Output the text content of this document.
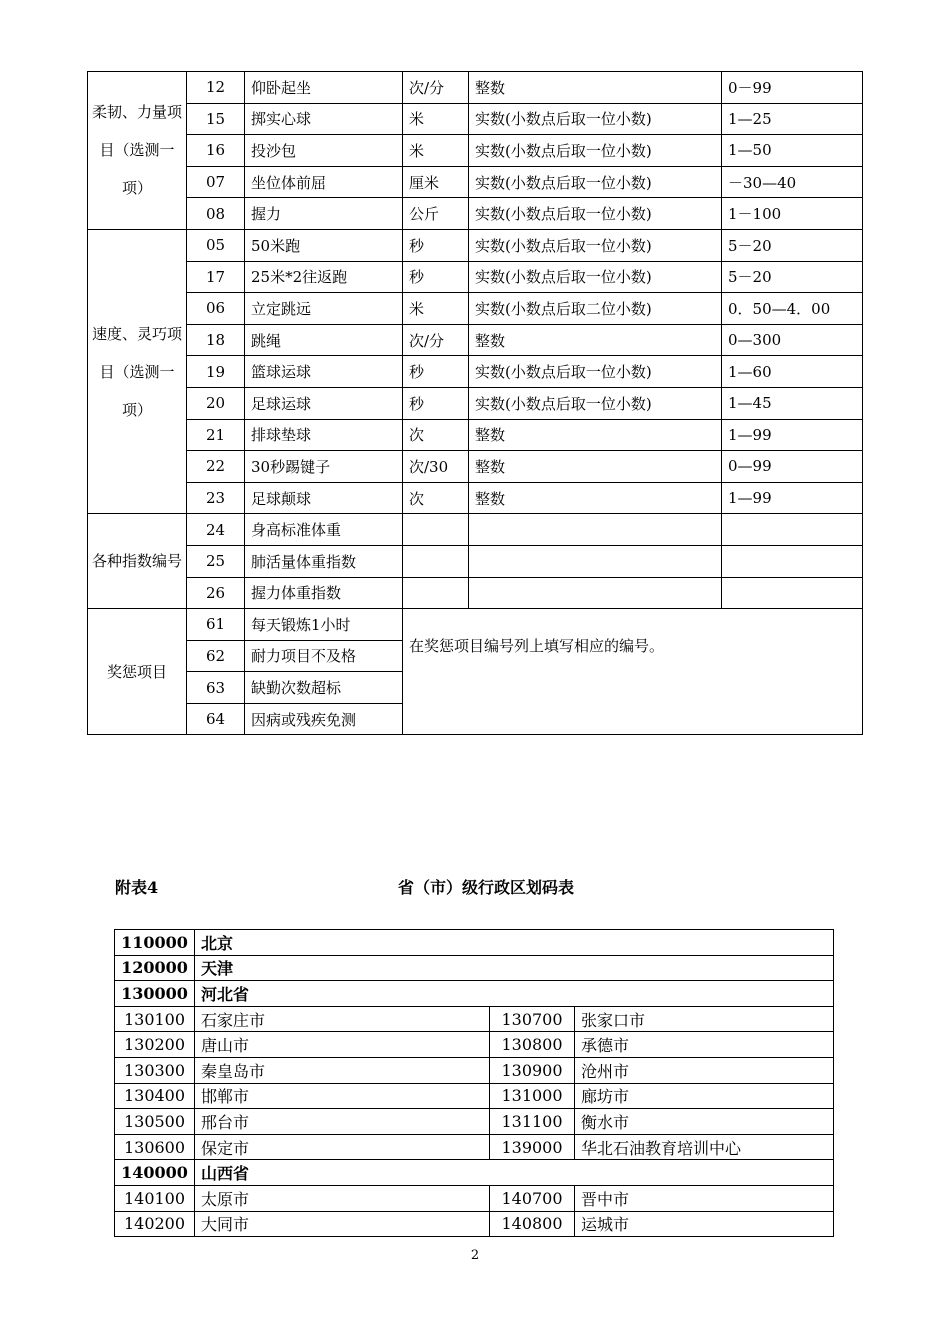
柔韧、力量项目（选测一项）	12	仰卧起坐	次/分	整数	0－99
	15	掷实心球	米	实数(小数点后取一位小数)	1—25
	16	投沙包	米	实数(小数点后取一位小数)	1—50
	07	坐位体前屈	厘米	实数(小数点后取一位小数)	－30—40
	08	握力	公斤	实数(小数点后取一位小数)	1－100
速度、灵巧项目（选测一项）	05	50米跑	秒	实数(小数点后取一位小数)	5－20
	17	25米*2往返跑	秒	实数(小数点后取一位小数)	5－20
	06	立定跳远	米	实数(小数点后取二位小数)	0．50—4．00
	18	跳绳	次/分	整数	0—300
	19	篮球运球	秒	实数(小数点后取一位小数)	1—60
	20	足球运球	秒	实数(小数点后取一位小数)	1—45
	21	排球垫球	次	整数	1—99
	22	30秒踢键子	次/30	整数	0—99
	23	足球颠球	次	整数	1—99
各种指数编号	24	身高标准体重			
	25	肺活量体重指数			
	26	握力体重指数			
奖惩项目	61	每天锻炼1小时	在奖惩项目编号列上填写相应的编号。		
	62	耐力项目不及格			
	63	缺勤次数超标			
	64	因病或残疾免测			
附表4	省（市）级行政区划码表
110000	北京		
120000	天津		
130000	河北省		
130100	石家庄市	130700	张家口市
130200	唐山市	130800	承德市
130300	秦皇岛市	130900	沧州市
130400	邯郸市	131000	廊坊市
130500	邢台市	131100	衡水市
130600	保定市	139000	华北石油教育培训中心
140000	山西省		
140100	太原市	140700	晋中市
140200	大同市	140800	运城市
2
